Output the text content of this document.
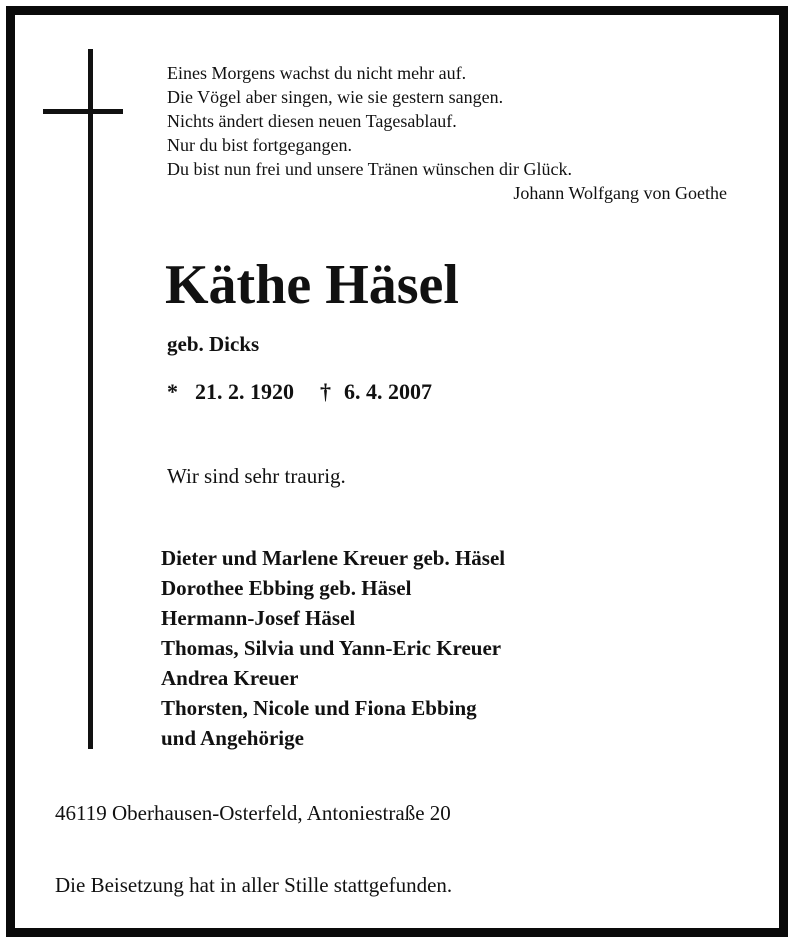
Eines Morgens wachst du nicht mehr auf.
Die Vögel aber singen, wie sie gestern sangen.
Nichts ändert diesen neuen Tagesablauf.
Nur du bist fortgegangen.
Du bist nun frei und unsere Tränen wünschen dir Glück.
Johann Wolfgang von Goethe
Käthe Häsel
geb. Dicks
* 21. 2. 1920 † 6. 4. 2007
Wir sind sehr traurig.
Dieter und Marlene Kreuer geb. Häsel
Dorothee Ebbing geb. Häsel
Hermann-Josef Häsel
Thomas, Silvia und Yann-Eric Kreuer
Andrea Kreuer
Thorsten, Nicole und Fiona Ebbing
und Angehörige
46119 Oberhausen-Osterfeld, Antoniestraße 20
Die Beisetzung hat in aller Stille stattgefunden.
